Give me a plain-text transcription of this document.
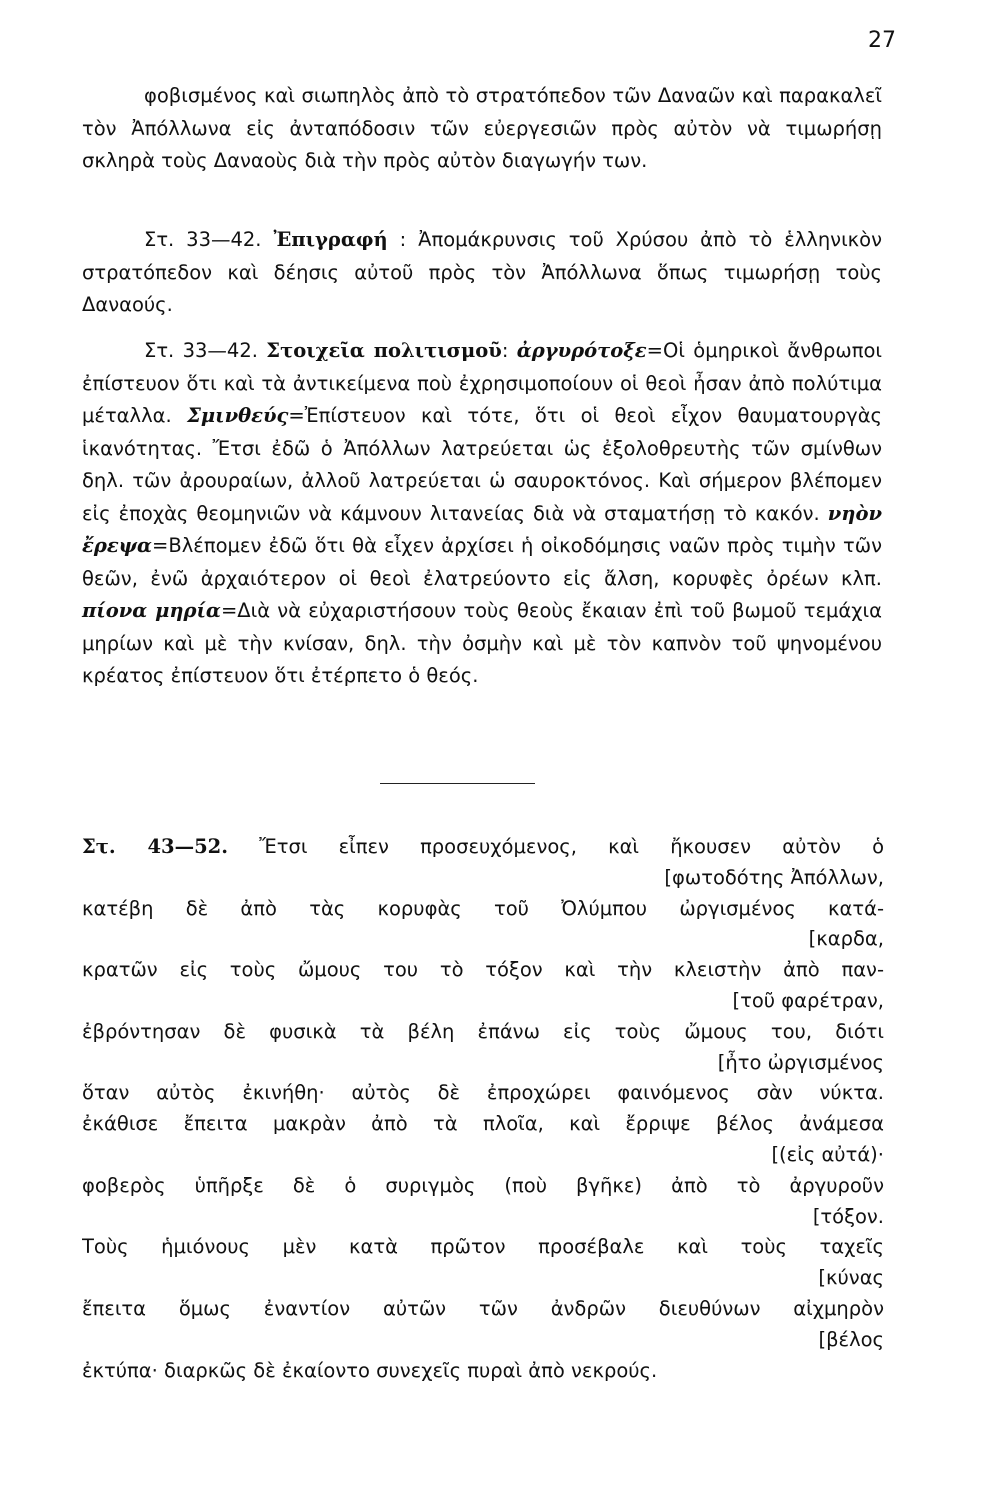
27

φοβισμένος καὶ σιωπηλὸς ἀπὸ τὸ στρατόπεδον τῶν Δαναῶν καὶ παρακαλεῖ τὸν Ἀπόλλωνα εἰς ἀνταπόδοσιν τῶν εὐεργεσιῶν πρὸς αὐτὸν νὰ τιμωρήσῃ σκληρὰ τοὺς Δαναοὺς διὰ τὴν πρὸς αὐτὸν διαγωγήν των.

Στ. 33—42. Ἐπιγραφή : Ἀπομάκρυνσις τοῦ Χρύσου ἀπὸ τὸ ἑλληνικὸν στρατόπεδον καὶ δέησις αὐτοῦ πρὸς τὸν Ἀπόλλωνα ὅπως τιμωρήσῃ τοὺς Δαναούς.

Στ. 33—42. Στοιχεῖα πολιτισμοῦ: ἀργυρότοξε=Οἱ ὁμηρικοὶ ἄνθρωποι ἐπίστευον ὅτι καὶ τὰ ἀντικείμενα ποὺ ἐχρησιμοποίουν οἱ θεοὶ ἦσαν ἀπὸ πολύτιμα μέταλλα. Σμινθεύς=Ἐπίστευον καὶ τότε, ὅτι οἱ θεοὶ εἶχον θαυματουργὰς ἱκανότητας. Ἔτσι ἐδῶ ὁ Ἀπόλλων λατρεύεται ὡς ἐξολοθρευτὴς τῶν σμίνθων δηλ. τῶν ἀρουραίων, ἀλλοῦ λατρεύεται ὡ σαυροκτόνος. Καὶ σήμερον βλέπομεν εἰς ἐποχὰς θεομηνιῶν νὰ κάμνουν λιτανείας διὰ νὰ σταματήσῃ τὸ κακόν. νηὸν ἔρεψα=Βλέπομεν ἐδῶ ὅτι θὰ εἶχεν ἀρχίσει ἡ οἰκοδόμησις ναῶν πρὸς τιμὴν τῶν θεῶν, ἐνῶ ἀρχαιότερον οἱ θεοὶ ἐλατρεύοντο εἰς ἄλση, κορυφὲς ὀρέων κλπ. πίονα μηρία=Διὰ νὰ εὐχαριστήσουν τοὺς θεοὺς ἔκαιαν ἐπὶ τοῦ βωμοῦ τεμάχια μηρίων καὶ μὲ τὴν κνίσαν, δηλ. τὴν ὀσμὴν καὶ μὲ τὸν καπνὸν τοῦ ψηνομένου κρέατος ἐπίστευον ὅτι ἐτέρπετο ὁ θεός.

Στ. 43—52. Ἔτσι εἶπεν προσευχόμενος, καὶ ἤκουσεν αὐτὸν ὁ
[φωτοδότης Ἀπόλλων,
κατέβη δὲ ἀπὸ τὰς κορυφὰς τοῦ Ὀλύμπου ὠργισμένος κατά-
[καρδα,
κρατῶν εἰς τοὺς ὤμους του τὸ τόξον καὶ τὴν κλειστὴν ἀπὸ παν-
[τοῦ φαρέτραν,
ἐβρόντησαν δὲ φυσικὰ τὰ βέλη ἐπάνω εἰς τοὺς ὤμους του, διότι
[ἦτο ὠργισμένος
ὅταν αὐτὸς ἐκινήθη· αὐτὸς δὲ ἐπροχώρει φαινόμενος σὰν νύκτα.
ἐκάθισε ἔπειτα μακρὰν ἀπὸ τὰ πλοῖα, καὶ ἔρριψε βέλος ἀνάμεσα
[(εἰς αὐτά)·
φοβερὸς ὑπῆρξε δὲ ὁ συριγμὸς (ποὺ βγῆκε) ἀπὸ τὸ ἀργυροῦν
[τόξον.
Τοὺς ἡμιόνους μὲν κατὰ πρῶτον προσέβαλε καὶ τοὺς ταχεῖς
[κύνας
ἔπειτα ὅμως ἐναντίον αὐτῶν τῶν ἀνδρῶν διευθύνων αἰχμηρὸν
[βέλος
ἐκτύπα· διαρκῶς δὲ ἐκαίοντο συνεχεῖς πυραὶ ἀπὸ νεκρούς.
